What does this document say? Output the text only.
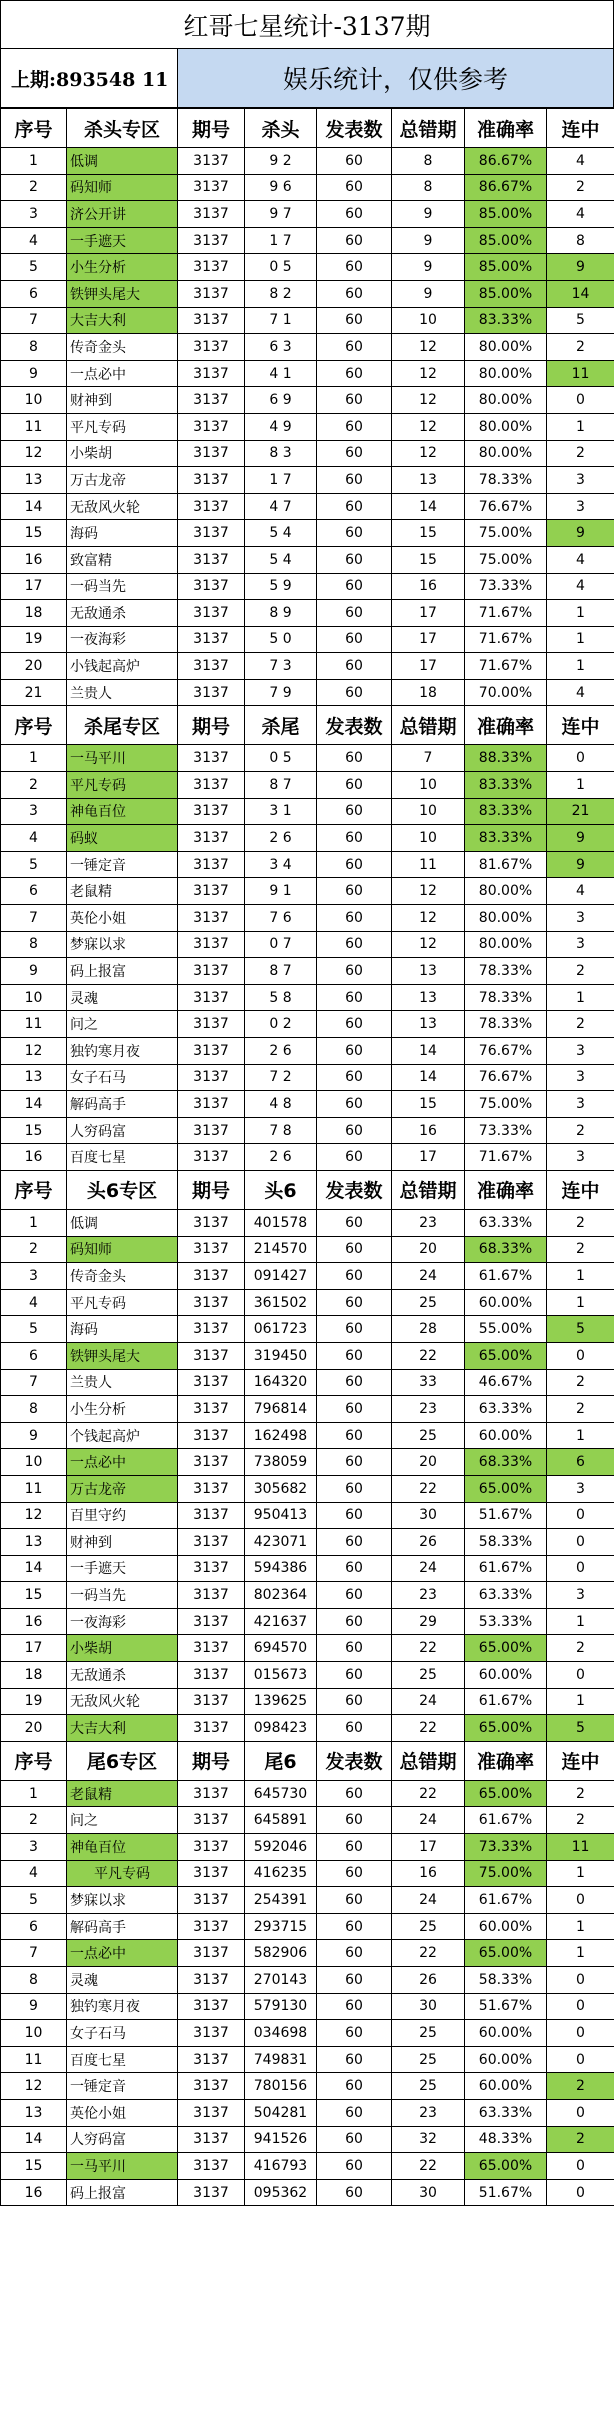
红哥七星统计-3137期
上期:893548 11	娱乐统计，仅供参考
序号	杀头专区	期号	杀头	发表数	总错期	准确率	连中
1	低调	3137	9 2	60	8	86.67%	4
2	码知师	3137	9 6	60	8	86.67%	2
3	济公开讲	3137	9 7	60	9	85.00%	4
4	一手遮天	3137	1 7	60	9	85.00%	8
5	小生分析	3137	0 5	60	9	85.00%	9
6	铁钾头尾大	3137	8 2	60	9	85.00%	14
7	大吉大利	3137	7 1	60	10	83.33%	5
8	传奇金头	3137	6 3	60	12	80.00%	2
9	一点必中	3137	4 1	60	12	80.00%	11
10	财神到	3137	6 9	60	12	80.00%	0
11	平凡专码	3137	4 9	60	12	80.00%	1
12	小柴胡	3137	8 3	60	12	80.00%	2
13	万古龙帝	3137	1 7	60	13	78.33%	3
14	无敌风火轮	3137	4 7	60	14	76.67%	3
15	海码	3137	5 4	60	15	75.00%	9
16	致富精	3137	5 4	60	15	75.00%	4
17	一码当先	3137	5 9	60	16	73.33%	4
18	无敌通杀	3137	8 9	60	17	71.67%	1
19	一夜海彩	3137	5 0	60	17	71.67%	1
20	小钱起高炉	3137	7 3	60	17	71.67%	1
21	兰贵人	3137	7 9	60	18	70.00%	4
序号	杀尾专区	期号	杀尾	发表数	总错期	准确率	连中
1	一马平川	3137	0 5	60	7	88.33%	0
2	平凡专码	3137	8 7	60	10	83.33%	1
3	神龟百位	3137	3 1	60	10	83.33%	21
4	码蚁	3137	2 6	60	10	83.33%	9
5	一锤定音	3137	3 4	60	11	81.67%	9
6	老鼠精	3137	9 1	60	12	80.00%	4
7	英伦小姐	3137	7 6	60	12	80.00%	3
8	梦寐以求	3137	0 7	60	12	80.00%	3
9	码上报富	3137	8 7	60	13	78.33%	2
10	灵魂	3137	5 8	60	13	78.33%	1
11	问之	3137	0 2	60	13	78.33%	2
12	独钓寒月夜	3137	2 6	60	14	76.67%	3
13	女子石马	3137	7 2	60	14	76.67%	3
14	解码高手	3137	4 8	60	15	75.00%	3
15	人穷码富	3137	7 8	60	16	73.33%	2
16	百度七星	3137	2 6	60	17	71.67%	3
序号	头6专区	期号	头6	发表数	总错期	准确率	连中
1	低调	3137	401578	60	23	63.33%	2
2	码知师	3137	214570	60	20	68.33%	2
3	传奇金头	3137	091427	60	24	61.67%	1
4	平凡专码	3137	361502	60	25	60.00%	1
5	海码	3137	061723	60	28	55.00%	5
6	铁钾头尾大	3137	319450	60	22	65.00%	0
7	兰贵人	3137	164320	60	33	46.67%	2
8	小生分析	3137	796814	60	23	63.33%	2
9	个钱起高炉	3137	162498	60	25	60.00%	1
10	一点必中	3137	738059	60	20	68.33%	6
11	万古龙帝	3137	305682	60	22	65.00%	3
12	百里守约	3137	950413	60	30	51.67%	0
13	财神到	3137	423071	60	26	58.33%	0
14	一手遮天	3137	594386	60	24	61.67%	0
15	一码当先	3137	802364	60	23	63.33%	3
16	一夜海彩	3137	421637	60	29	53.33%	1
17	小柴胡	3137	694570	60	22	65.00%	2
18	无敌通杀	3137	015673	60	25	60.00%	0
19	无敌风火轮	3137	139625	60	24	61.67%	1
20	大吉大利	3137	098423	60	22	65.00%	5
序号	尾6专区	期号	尾6	发表数	总错期	准确率	连中
1	老鼠精	3137	645730	60	22	65.00%	2
2	问之	3137	645891	60	24	61.67%	2
3	神龟百位	3137	592046	60	17	73.33%	11
4	平凡专码	3137	416235	60	16	75.00%	1
5	梦寐以求	3137	254391	60	24	61.67%	0
6	解码高手	3137	293715	60	25	60.00%	1
7	一点必中	3137	582906	60	22	65.00%	1
8	灵魂	3137	270143	60	26	58.33%	0
9	独钓寒月夜	3137	579130	60	30	51.67%	0
10	女子石马	3137	034698	60	25	60.00%	0
11	百度七星	3137	749831	60	25	60.00%	0
12	一锤定音	3137	780156	60	25	60.00%	2
13	英伦小姐	3137	504281	60	23	63.33%	0
14	人穷码富	3137	941526	60	32	48.33%	2
15	一马平川	3137	416793	60	22	65.00%	0
16	码上报富	3137	095362	60	30	51.67%	0
